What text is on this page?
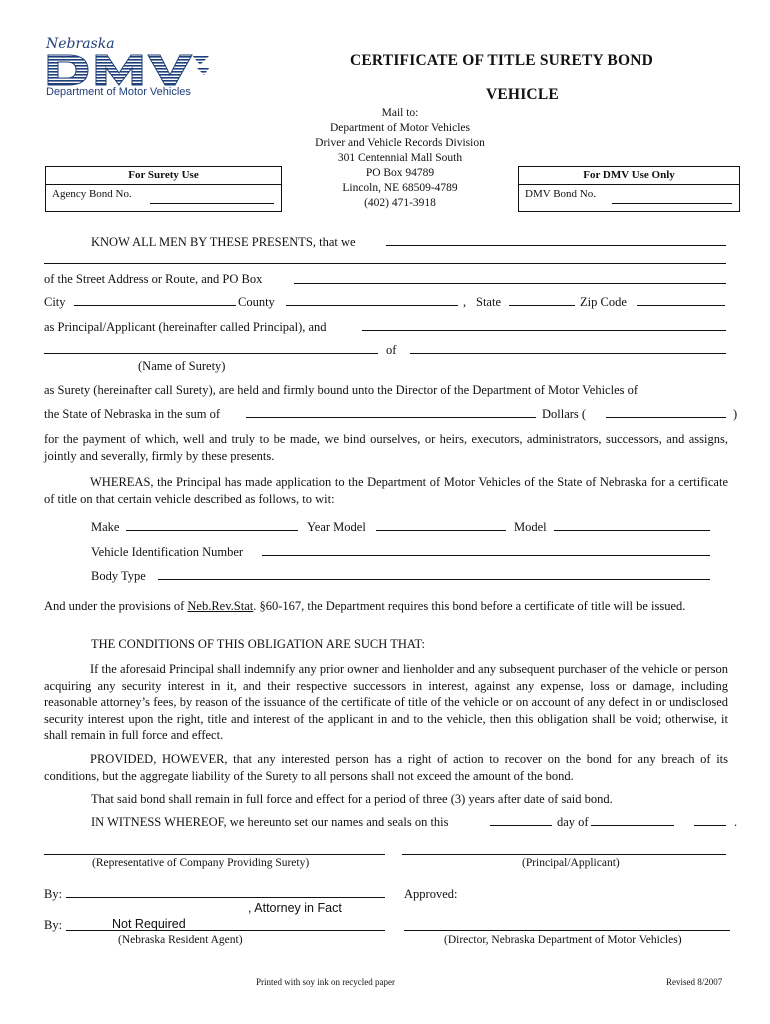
Nebraska
Department of Motor Vehicles
CERTIFICATE OF TITLE SURETY BOND
VEHICLE
Mail to:
Department of Motor Vehicles
Driver and Vehicle Records Division
301 Centennial Mall South
PO Box 94789
Lincoln, NE 68509-4789
(402) 471-3918
For Surety Use
Agency Bond No.
For DMV Use Only
DMV Bond No.
KNOW ALL MEN BY THESE PRESENTS, that we
of the Street Address or Route, and PO Box
City	County	, State	Zip Code
as Principal/Applicant (hereinafter called Principal), and
of
(Name of Surety)
as Surety (hereinafter call Surety), are held and firmly bound unto the Director of the Department of Motor Vehicles of
the State of Nebraska in the sum of	Dollars (	)
for the payment of which, well and truly to be made, we bind ourselves, or heirs, executors, administrators, successors, and assigns, jointly and severally, firmly by these presents.
WHEREAS, the Principal has made application to the Department of Motor Vehicles of the State of Nebraska for a certificate of title on that certain vehicle described as follows, to wit:
Make	Year Model	Model
Vehicle Identification Number
Body Type
And under the provisions of Neb.Rev.Stat. §60-167, the Department requires this bond before a certificate of title will be issued.
THE CONDITIONS OF THIS OBLIGATION ARE SUCH THAT:
If the aforesaid Principal shall indemnify any prior owner and lienholder and any subsequent purchaser of the vehicle or person acquiring any security interest in it, and their respective successors in interest, against any expense, loss or damage, including reasonable attorney’s fees, by reason of the issuance of the certificate of title of the vehicle or on account of any defect in or undisclosed security interest upon the right, title and interest of the applicant in and to the vehicle, then this obligation shall be void; otherwise, it shall remain in full force and effect.
PROVIDED, HOWEVER, that any interested person has a right of action to recover on the bond for any breach of its conditions, but the aggregate liability of the Surety to all persons shall not exceed the amount of the bond.
That said bond shall remain in full force and effect for a period of three (3) years after date of said bond.
IN WITNESS WHEREOF, we hereunto set our names and seals on this	day of	.
(Representative of Company Providing Surety)	(Principal/Applicant)
By:	Approved:
, Attorney in Fact
By:	Not Required
(Nebraska Resident Agent)	(Director, Nebraska Department of Motor Vehicles)
Printed with soy ink on recycled paper	Revised 8/2007
